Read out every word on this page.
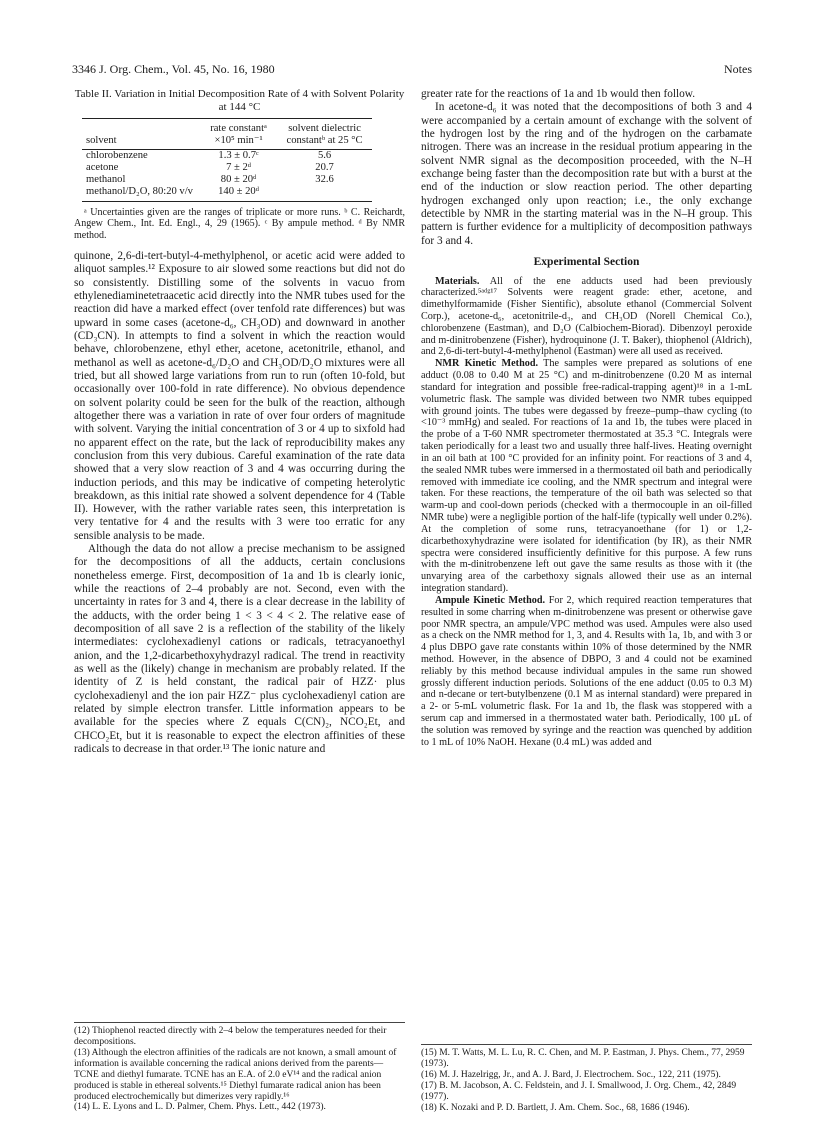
3346 J. Org. Chem., Vol. 45, No. 16, 1980	Notes

Table II. Variation in Initial Decomposition Rate of 4 with Solvent Polarity at 144 °C

solvent	rate constantᵃ ×10⁵ min⁻¹	solvent dielectric constantᵇ at 25 °C
chlorobenzene	1.3 ± 0.7ᶜ	5.6
acetone	7 ± 2ᵈ	20.7
methanol	80 ± 20ᵈ	32.6
methanol/D₂O, 80:20 v/v	140 ± 20ᵈ	

ᵃ Uncertainties given are the ranges of triplicate or more runs. ᵇ C. Reichardt, Angew Chem., Int. Ed. Engl., 4, 29 (1965). ᶜ By ampule method. ᵈ By NMR method.

quinone, 2,6-di-tert-butyl-4-methylphenol, or acetic acid were added to aliquot samples.¹² Exposure to air slowed some reactions but did not do so consistently. Distilling some of the solvents in vacuo from ethylenediaminetetraacetic acid directly into the NMR tubes used for the reaction did have a marked effect (over tenfold rate differences) but was upward in some cases (acetone-d₆, CH₃OD) and downward in another (CD₃CN). In attempts to find a solvent in which the reaction would behave, chlorobenzene, ethyl ether, acetone, acetonitrile, ethanol, and methanol as well as acetone-d₆/D₂O and CH₃OD/D₂O mixtures were all tried, but all showed large variations from run to run (often 10-fold, but occasionally over 100-fold in rate difference). No obvious dependence on solvent polarity could be seen for the bulk of the reaction, although altogether there was a variation in rate of over four orders of magnitude with solvent. Varying the initial concentration of 3 or 4 up to sixfold had no apparent effect on the rate, but the lack of reproducibility makes any conclusion from this very dubious. Careful examination of the rate data showed that a very slow reaction of 3 and 4 was occurring during the induction periods, and this may be indicative of competing heterolytic breakdown, as this initial rate showed a solvent dependence for 4 (Table II). However, with the rather variable rates seen, this interpretation is very tentative for 4 and the results with 3 were too erratic for any sensible analysis to be made.

Although the data do not allow a precise mechanism to be assigned for the decompositions of all the adducts, certain conclusions nonetheless emerge. First, decomposition of 1a and 1b is clearly ionic, while the reactions of 2–4 probably are not. Second, even with the uncertainty in rates for 3 and 4, there is a clear decrease in the lability of the adducts, with the order being 1 < 3 < 4 < 2. The relative ease of decomposition of all save 2 is a reflection of the stability of the likely intermediates: cyclohexadienyl cations or radicals, tetracyanoethyl anion, and the 1,2-dicarbethoxyhydrazyl radical. The trend in reactivity as well as the (likely) change in mechanism are probably related. If the identity of Z is held constant, the radical pair of HZZ· plus cyclohexadienyl and the ion pair HZZ⁻ plus cyclohexadienyl cation are related by simple electron transfer. Little information appears to be available for the species where Z equals C(CN)₂, NCO₂Et, and CHCO₂Et, but it is reasonable to expect the electron affinities of these radicals to decrease in that order.¹³ The ionic nature and

(12) Thiophenol reacted directly with 2–4 below the temperatures needed for their decompositions.

(13) Although the electron affinities of the radicals are not known, a small amount of information is available concerning the radical anions derived from the parents—TCNE and diethyl fumarate. TCNE has an E.A. of 2.0 eV¹⁴ and the radical anion produced is stable in ethereal solvents.¹⁵ Diethyl fumarate radical anion has been produced electrochemically but dimerizes very rapidly.¹⁶

(14) L. E. Lyons and L. D. Palmer, Chem. Phys. Lett., 442 (1973).

greater rate for the reactions of 1a and 1b would then follow.

In acetone-d₆ it was noted that the decompositions of both 3 and 4 were accompanied by a certain amount of exchange with the solvent of the hydrogen lost by the ring and of the hydrogen on the carbamate nitrogen. There was an increase in the residual protium appearing in the solvent NMR signal as the decomposition proceeded, with the N–H exchange being faster than the decomposition rate but with a burst at the end of the induction or slow reaction period. The other departing hydrogen exchanged only upon reaction; i.e., the only exchange detectible by NMR in the starting material was in the N–H group. This pattern is further evidence for a multiplicity of decomposition pathways for 3 and 4.

Experimental Section

Materials. All of the ene adducts used had been previously characterized.⁵ᵃᵈᵍ¹⁷ Solvents were reagent grade: ether, acetone, and dimethylformamide (Fisher Sientific), absolute ethanol (Commercial Solvent Corp.), acetone-d₆, acetonitrile-d₃, and CH₃OD (Norell Chemical Co.), chlorobenzene (Eastman), and D₂O (Calbiochem-Biorad). Dibenzoyl peroxide and m-dinitrobenzene (Fisher), hydroquinone (J. T. Baker), thiophenol (Aldrich), and 2,6-di-tert-butyl-4-methylphenol (Eastman) were all used as received.

NMR Kinetic Method. The samples were prepared as solutions of ene adduct (0.08 to 0.40 M at 25 °C) and m-dinitrobenzene (0.20 M as internal standard for integration and possible free-radical-trapping agent)¹⁸ in a 1-mL volumetric flask. The sample was divided between two NMR tubes equipped with ground joints. The tubes were degassed by freeze–pump–thaw cycling (to <10⁻³ mmHg) and sealed. For reactions of 1a and 1b, the tubes were placed in the probe of a T-60 NMR spectrometer thermostated at 35.3 °C. Integrals were taken periodically for a least two and usually three half-lives. Heating overnight in an oil bath at 100 °C provided for an infinity point. For reactions of 3 and 4, the sealed NMR tubes were immersed in a thermostated oil bath and periodically removed with immediate ice cooling, and the NMR spectrum and integral were taken. For these reactions, the temperature of the oil bath was selected so that warm-up and cool-down periods (checked with a thermocouple in an oil-filled NMR tube) were a negligible portion of the half-life (typically well under 0.2%). At the completion of some runs, tetracyanoethane (for 1) or 1,2-dicarbethoxyhydrazine were isolated for identification (by IR), as their NMR spectra were considered insufficiently definitive for this purpose. A few runs with the m-dinitrobenzene left out gave the same results as those with it (the unvarying area of the carbethoxy signals allowed their use as an internal integration standard).

Ampule Kinetic Method. For 2, which required reaction temperatures that resulted in some charring when m-dinitrobenzene was present or otherwise gave poor NMR spectra, an ampule/VPC method was used. Ampules were also used as a check on the NMR method for 1, 3, and 4. Results with 1a, 1b, and with 3 or 4 plus DBPO gave rate constants within 10% of those determined by the NMR method. However, in the absence of DBPO, 3 and 4 could not be examined reliably by this method because individual ampules in the same run showed grossly different induction periods. Solutions of the ene adduct (0.05 to 0.3 M) and n-decane or tert-butylbenzene (0.1 M as internal standard) were prepared in a 2- or 5-mL volumetric flask. For 1a and 1b, the flask was stoppered with a serum cap and immersed in a thermostated water bath. Periodically, 100 μL of the solution was removed by syringe and the reaction was quenched by addition to 1 mL of 10% NaOH. Hexane (0.4 mL) was added and

(15) M. T. Watts, M. L. Lu, R. C. Chen, and M. P. Eastman, J. Phys. Chem., 77, 2959 (1973).

(16) M. J. Hazelrigg, Jr., and A. J. Bard, J. Electrochem. Soc., 122, 211 (1975).

(17) B. M. Jacobson, A. C. Feldstein, and J. I. Smallwood, J. Org. Chem., 42, 2849 (1977).

(18) K. Nozaki and P. D. Bartlett, J. Am. Chem. Soc., 68, 1686 (1946).
